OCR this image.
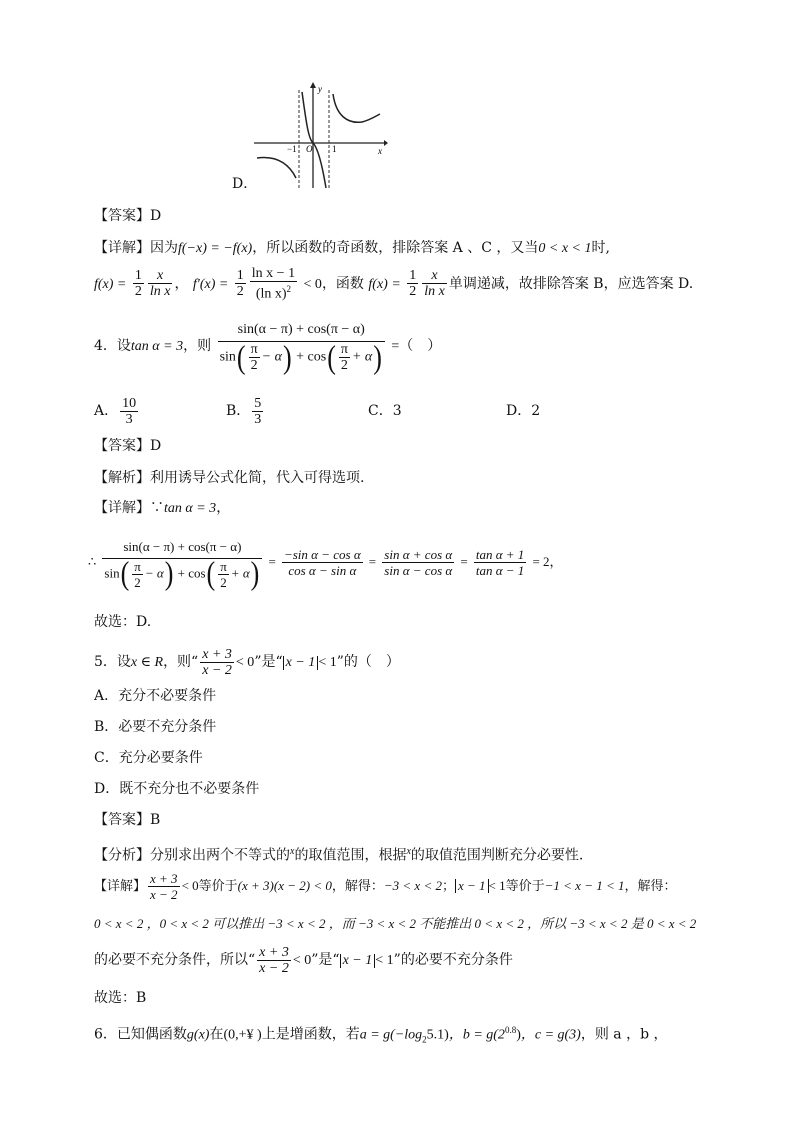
D．
y
x
−1 O 1
【答案】D
【详解】因为f(−x) = −f(x)，所以函数的奇函数，排除答案 A 、C ，又当0 < x < 1时,
$f(x) = \frac{1}{2} \frac{x}{\text{ln x}}$ ， $f'(x) = \frac{1}{2} \frac{\text{ln x − 1}}{(\ln x)^2} < 0$，函数 $f(x) = \frac{1}{2} \frac{x}{\text{ln x}}$ 单调递减，故排除答案 B，应选答案 D.
4．设tan α = 3，则 $\frac{\sin(\alpha - \pi) + \cos(\pi - \alpha)}{\sin( \frac{\pi}{2} - \alpha) + \cos( \frac{\pi}{2} + \alpha)}$ =（　）
A． $\frac{10}{3}$	B． $\frac{5}{3}$	C．3	D．2
【答案】D
【解析】利用诱导公式化简，代入可得选项.
【详解】∵tan α = 3，
∴ $\frac{\sin(\alpha - \pi) + \cos(\pi - \alpha)}{\sin( \frac{\pi}{2} - \alpha) + \cos( \frac{\pi}{2} + \alpha)} = \frac{\text{−sin α − cos α}}{\text{cos α − sin α}} = \frac{\text{sin α + cos α}}{\text{sin α − cos α}} = \frac{\text{tan α + 1}}{\text{tan α − 1}} = 2$，
故选：D.
5．设x ∈ R，则“ $\frac{x + 3}{x - 2} < 0$”是“ x − 1 < 1”的（　）
A．充分不必要条件
B．必要不充分条件
C．充分必要条件
D．既不充分也不必要条件
【答案】B
【分析】分别求出两个不等式的$^x$的取值范围，根据$^x$的取值范围判断充分必要性.
【详解】 $\frac{x + 3}{x - 2} < 0$等价于(x + 3)(x − 2) < 0，解得：−3 < x < 2； x − 1 < 1等价于−1 < x − 1 < 1，解得：
0 < x < 2 ，0 < x < 2 可以推出 −3 < x < 2 ，而 −3 < x < 2 不能推出 0 < x < 2 ，所以 −3 < x < 2 是 0 < x < 2
的必要不充分条件，所以“ $\frac{x + 3}{x - 2} < 0$”是“ x − 1 < 1”的必要不充分条件
故选：B
6．已知偶函数g(x)在(0,+¥ )上是增函数，若$a = g(-\log_25.1)$，$b = g(2^{0.8})$，c = g(3)，则 a ，b ，
